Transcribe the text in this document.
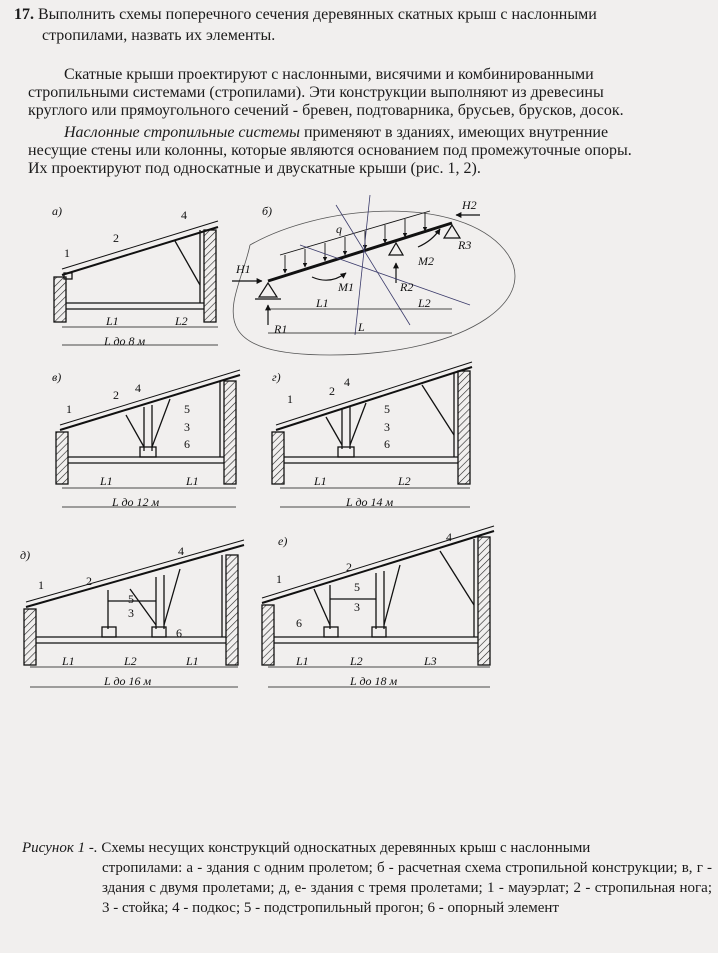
17. Выполнить схемы поперечного сечения деревянных скатных крыш с наслонными
стропилами, назвать их элементы.
Скатные крыши проектируют с наслонными, висячими и комбинированными
стропильными системами (стропилами). Эти конструкции выполняют из древесины
круглого или прямоугольного сечений - бревен, подтоварника, брусьев, брусков, досок.
Наслонные стропильные системы применяют в зданиях, имеющих внутренние
несущие стены или колонны, которые являются основанием под промежуточные опоры.
Их проектируют под односкатные и двускатные крыши (рис. 1, 2).
а)
1
2
4
L1	L2
L до 8 м
б)
q
H1
H2
M1
M2
R1
R2
R3
L1	L2
L
в)
1
2 4
5
3
6
L1	L1
L до 12 м
г)
1
2
4
5
3
6
L1	L2
L до 14 м
д)
1	2
4
5
3
6
L1	L2	L1
L до 16 м
е)
1
2
4
5
3
6
L1	L2	L3
L до 18 м
Рисунок 1 -. Схемы несущих конструкций односкатных деревянных крыш с наслонными
стропилами: а - здания с одним пролетом; б - расчетная схема стропильной конструкции; в, г - здания с двумя пролетами; д, е- здания с тремя пролетами; 1 - мауэрлат; 2 - стропильная нога; 3 - стойка; 4 - подкос; 5 - подстропильный прогон; 6 - опорный элемент
